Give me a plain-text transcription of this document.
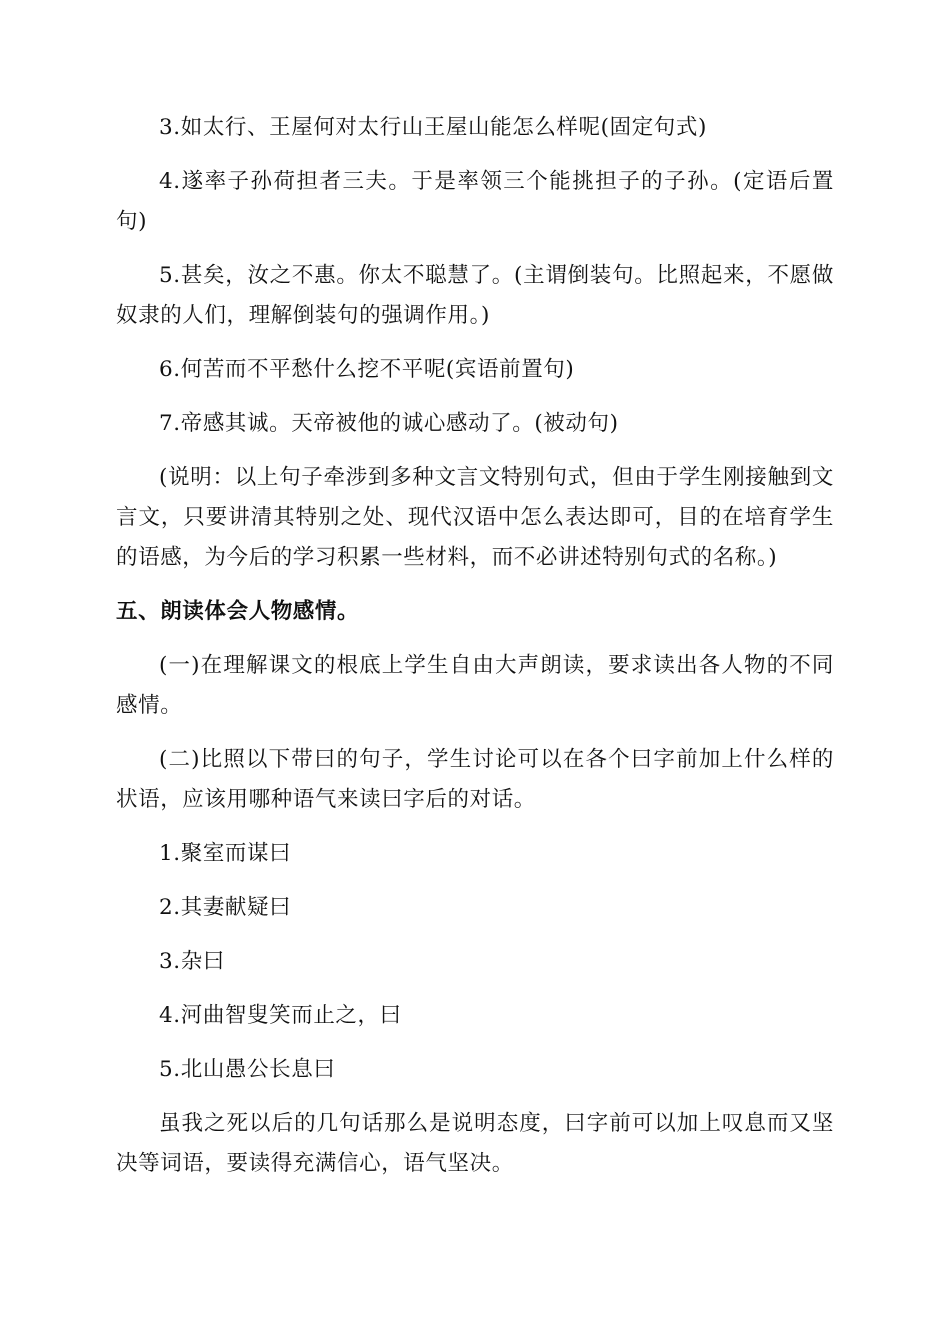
3.如太行、王屋何对太行山王屋山能怎么样呢(固定句式)

4.遂率子孙荷担者三夫。于是率领三个能挑担子的子孙。(定语后置句)

5.甚矣，汝之不惠。你太不聪慧了。(主谓倒装句。比照起来，不愿做奴隶的人们，理解倒装句的强调作用。)

6.何苦而不平愁什么挖不平呢(宾语前置句)

7.帝感其诚。天帝被他的诚心感动了。(被动句)

(说明：以上句子牵涉到多种文言文特别句式，但由于学生刚接触到文言文，只要讲清其特别之处、现代汉语中怎么表达即可，目的在培育学生的语感，为今后的学习积累一些材料，而不必讲述特别句式的名称。)

五、朗读体会人物感情。

(一)在理解课文的根底上学生自由大声朗读，要求读出各人物的不同感情。

(二)比照以下带曰的句子，学生讨论可以在各个曰字前加上什么样的状语，应该用哪种语气来读曰字后的对话。

1.聚室而谋曰

2.其妻献疑曰

3.杂曰

4.河曲智叟笑而止之，曰

5.北山愚公长息曰

虽我之死以后的几句话那么是说明态度，曰字前可以加上叹息而又坚决等词语，要读得充满信心，语气坚决。
